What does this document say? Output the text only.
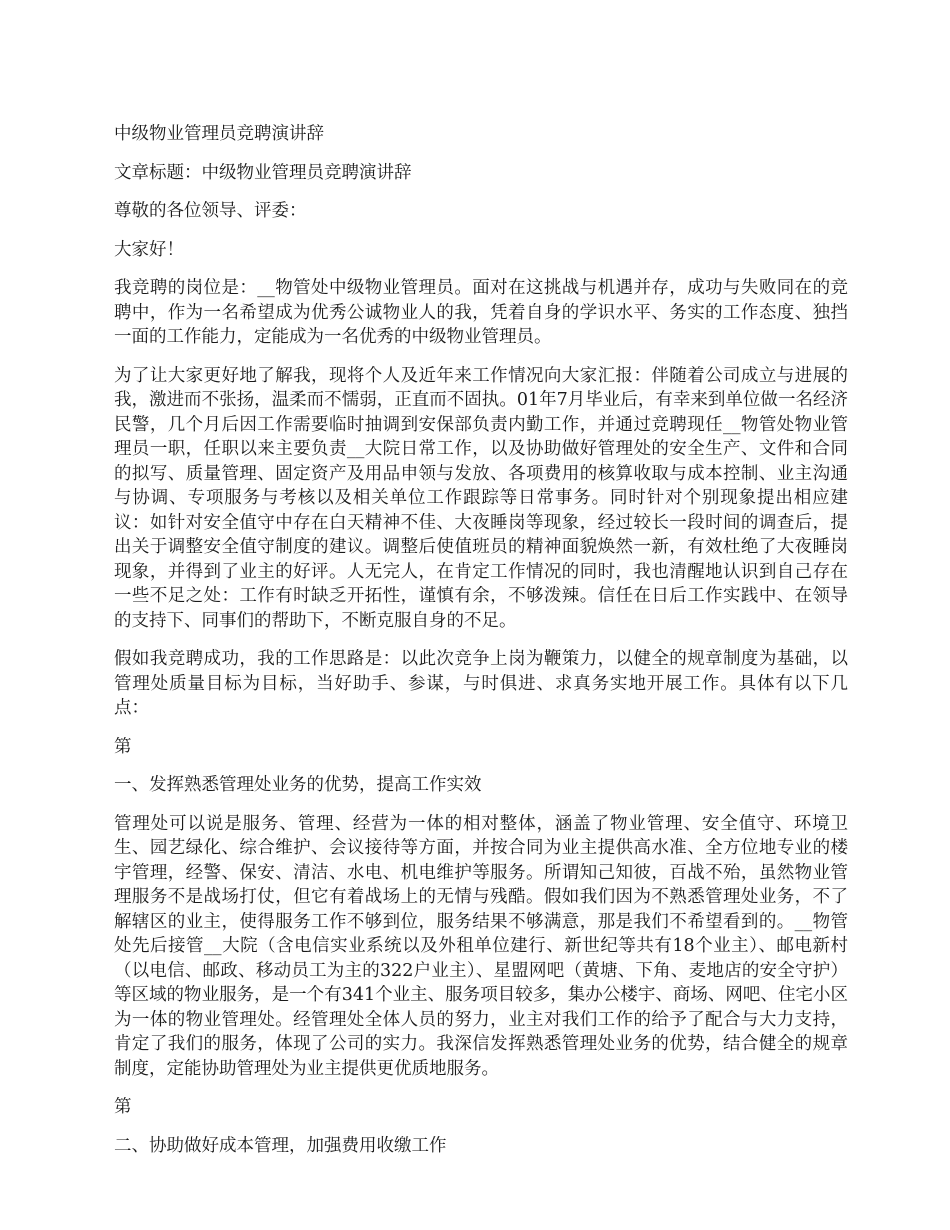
中级物业管理员竞聘演讲辞

文章标题：中级物业管理员竞聘演讲辞

尊敬的各位领导、评委：

大家好！

我竞聘的岗位是：__物管处中级物业管理员。面对在这挑战与机遇并存，成功与失败同在的竞聘中，作为一名希望成为优秀公诚物业人的我，凭着自身的学识水平、务实的工作态度、独挡一面的工作能力，定能成为一名优秀的中级物业管理员。

为了让大家更好地了解我，现将个人及近年来工作情况向大家汇报：伴随着公司成立与进展的我，激进而不张扬，温柔而不懦弱，正直而不固执。01年7月毕业后，有幸来到单位做一名经济民警，几个月后因工作需要临时抽调到安保部负责内勤工作，并通过竞聘现任__物管处物业管理员一职，任职以来主要负责__大院日常工作，以及协助做好管理处的安全生产、文件和合同的拟写、质量管理、固定资产及用品申领与发放、各项费用的核算收取与成本控制、业主沟通与协调、专项服务与考核以及相关单位工作跟踪等日常事务。同时针对个别现象提出相应建议：如针对安全值守中存在白天精神不佳、大夜睡岗等现象，经过较长一段时间的调查后，提出关于调整安全值守制度的建议。调整后使值班员的精神面貌焕然一新，有效杜绝了大夜睡岗现象，并得到了业主的好评。人无完人，在肯定工作情况的同时，我也清醒地认识到自己存在一些不足之处：工作有时缺乏开拓性，谨慎有余，不够泼辣。信任在日后工作实践中、在领导的支持下、同事们的帮助下，不断克服自身的不足。

假如我竞聘成功，我的工作思路是：以此次竞争上岗为鞭策力，以健全的规章制度为基础，以管理处质量目标为目标，当好助手、参谋，与时俱进、求真务实地开展工作。具体有以下几点：

第

一、发挥熟悉管理处业务的优势，提高工作实效

管理处可以说是服务、管理、经营为一体的相对整体，涵盖了物业管理、安全值守、环境卫生、园艺绿化、综合维护、会议接待等方面，并按合同为业主提供高水准、全方位地专业的楼宇管理，经警、保安、清洁、水电、机电维护等服务。所谓知己知彼，百战不殆，虽然物业管理服务不是战场打仗，但它有着战场上的无情与残酷。假如我们因为不熟悉管理处业务，不了解辖区的业主，使得服务工作不够到位，服务结果不够满意，那是我们不希望看到的。__物管处先后接管__大院（含电信实业系统以及外租单位建行、新世纪等共有18个业主）、邮电新村（以电信、邮政、移动员工为主的322户业主）、星盟网吧（黄塘、下角、麦地店的安全守护）等区域的物业服务，是一个有341个业主、服务项目较多，集办公楼宇、商场、网吧、住宅小区为一体的物业管理处。经管理处全体人员的努力，业主对我们工作的给予了配合与大力支持，肯定了我们的服务，体现了公司的实力。我深信发挥熟悉管理处业务的优势，结合健全的规章制度，定能协助管理处为业主提供更优质地服务。

第

二、协助做好成本管理，加强费用收缴工作
